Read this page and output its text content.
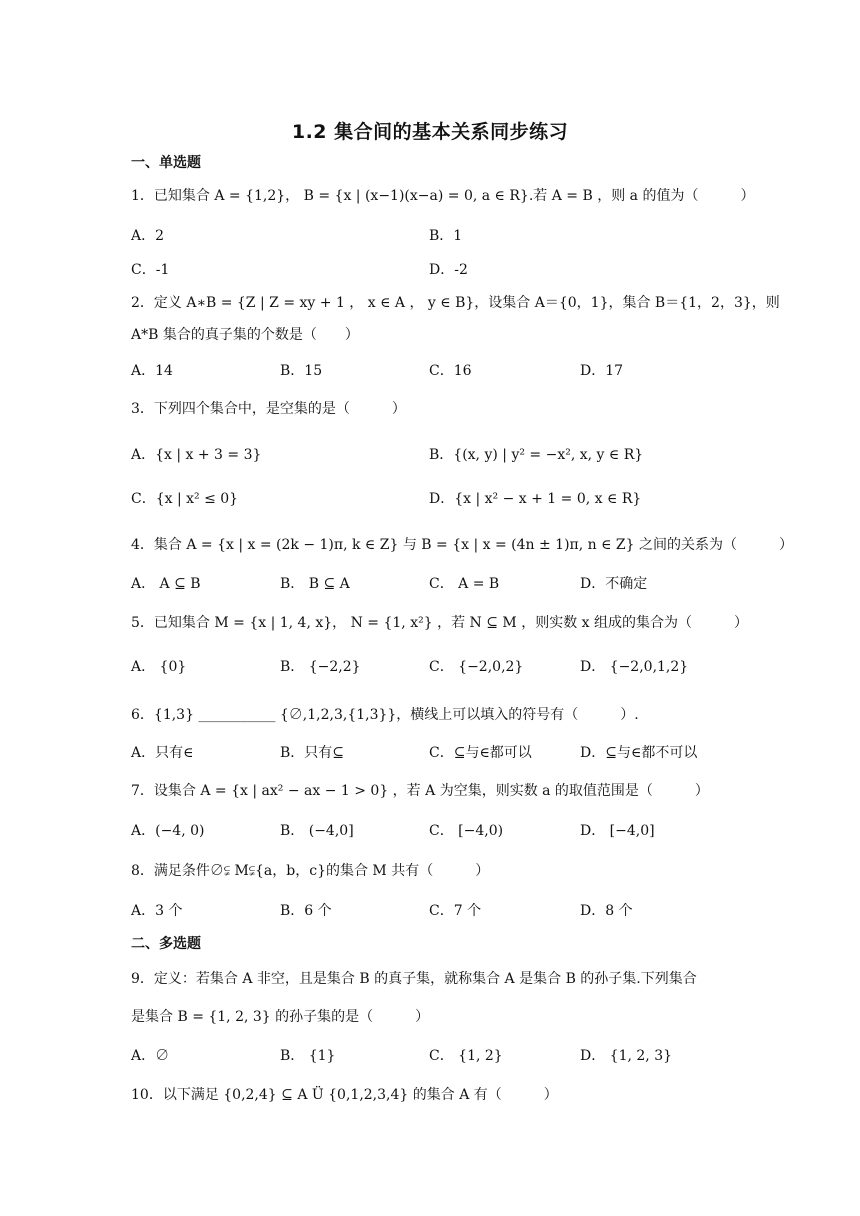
1.2 集合间的基本关系同步练习
一、单选题
1．已知集合 A = {1,2}， B = {x | (x−1)(x−a) = 0, a ∈ R}.若 A = B ，则 a 的值为（　　　）
A．2	B．1
C．-1	D．-2
2．定义 A∗B = {Z | Z = xy + 1 ， x ∈ A ， y ∈ B}，设集合 A＝{0，1}，集合 B＝{1，2，3}，则
A*B 集合的真子集的个数是（　　）
A．14	B．15	C．16	D．17
3．下列四个集合中，是空集的是（　　　）
A．{x | x + 3 = 3}	B．{(x, y) | y² = −x², x, y ∈ R}
C．{x | x² ≤ 0}	D．{x | x² − x + 1 = 0, x ∈ R}
4．集合 A = {x | x = (2k − 1)π, k ∈ Z} 与 B = {x | x = (4n ± 1)π, n ∈ Z} 之间的关系为（　　　）
A． A ⊆ B	B． B ⊆ A	C． A = B	D．不确定
5．已知集合 M = {x | 1, 4, x}， N = {1, x²} ，若 N ⊆ M ，则实数 x 组成的集合为（　　　）
A． {0}	B． {−2,2}	C． {−2,0,2}	D． {−2,0,1,2}
6．{1,3} ___________ {∅,1,2,3,{1,3}}，横线上可以填入的符号有（　　　）.
A．只有∈	B．只有⊆	C．⊆与∈都可以	D．⊆与∈都不可以
7．设集合 A = {x | ax² − ax − 1 > 0} ，若 A 为空集，则实数 a 的取值范围是（　　　）
A．(−4, 0)	B． (−4,0]	C． [−4,0)	D． [−4,0]
8．满足条件∅⫋ M⫋{a，b，c}的集合 M 共有（　　　）
A．3 个	B．6 个	C．7 个	D．8 个
二、多选题
9．定义：若集合 A 非空，且是集合 B 的真子集，就称集合 A 是集合 B 的孙子集.下列集合
是集合 B = {1, 2, 3} 的孙子集的是（　　　）
A．∅	B． {1}	C． {1, 2}	D． {1, 2, 3}
10．以下满足 {0,2,4} ⊆ A Ü {0,1,2,3,4} 的集合 A 有（　　　）
